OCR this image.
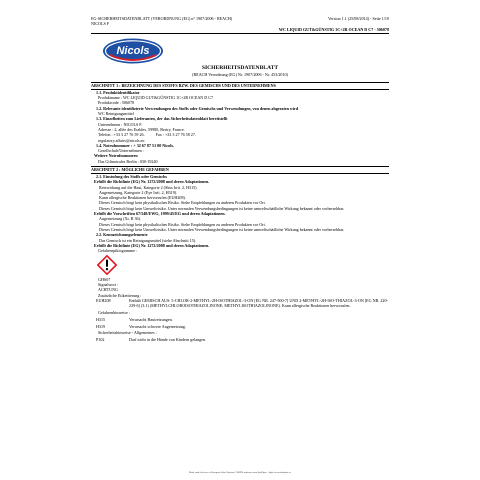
EG-SICHERHEITSDATENBLATT (VERORDNUNG (EG) n° 1907/2006 - REACH)	Version 1.1 (25/08/2014) - Seite 1/10
NICOLS F
WC LIQUID GUT&GÜNSTIG 1C+2R OCEAN D C7 - 506078
Nicols
SICHERHEITSDATENBLATT
(REACH Verordnung (EG) Nr. 1907/2006 - Nr. 453/2010)
ABSCHNITT 1 : BEZEICHNUNG DES STOFFS BZW. DES GEMISCHS UND DES UNTERNEHMENS
1.1. Produktidentifikator
Produktname : WC LIQUID GUT&GÜNSTIG 1C+2R OCEAN D C7
Produktcode : 506078
1.2. Relevante identifizierte Verwendungen des Stoffs oder Gemischs und Verwendungen, von denen abgeraten wird
WC Reinigungsmittel
1.3. Einzelheiten zum Lieferanten, der das Sicherheitsdatenblatt bereitstellt
Unternehmen : NICOLS F.
Adresse : 2, allée des Erables, 59980, Bertry, France.
Telefon : +33 3 27 76 59 26.	Fax : +33 3 27 76 58 27.
regulatory.affairs@nicols.eu
1.4. Notrufnummer : + 32 67 87 51 00 Nicols.
Gesellschaft/Unternehmen :
Weitere Notrufnummern
Das Giftnotrufes Berlin : 030-19240
ABSCHNITT 2 : MÖGLICHE GEFAHREN
2.1. Einstufung des Stoffs oder Gemischs
Erfüllt die Richtlinie (EG) Nr. 1272/2008 und deren Adaptationen.
Reizwirkung auf die Haut, Kategorie 2 (Skin Irrit. 2, H315).
Augenreizung, Kategorie 2 (Eye Irrit. 2, H319).
Kann allergische Reaktionen hervorrufen (EUH208).
Dieses Gemisch birgt kein physikalisches Risiko. Siehe Empfehlungen zu anderen Produkten vor Ort.
Dieses Gemisch birgt kein Umweltrisiko. Unter normalen Verwendungsbedingungen ist keine umweltschädliche Wirkung bekannt oder vorhersehbar.
Erfüllt die Vorschriften 67/548/EWG, 1999/45/EG und deren Adaptationen.
Augenreizung (Xi, R 36).
Dieses Gemisch birgt kein physikalisches Risiko. Siehe Empfehlungen zu anderen Produkten vor Ort.
Dieses Gemisch birgt kein Umweltrisiko. Unter normalen Verwendungsbedingungen ist keine umweltschädliche Wirkung bekannt oder vorhersehbar.
2.2. Kennzeichnungselemente
Das Gemisch ist ein Reinigungsmittel (siehe Abschnitt 15).
Erfüllt die Richtlinie (EG) Nr. 1272/2008 und deren Adaptationen.
Gefahrenpiktogramme :
GHS07
Signalwort :
ACHTUNG
Zusätzliche Etikettierung :
EUH208	Enthält GEMISCH AUS: 5-CHLOR-2-METHYL-2H-ISOTHIAZOL-3-ON [EG NR. 247-500-7] UND 2-METHYL-2H-ISO-THIAZOL-3-ON [EG NR. 220-239-6] (3:1) (METHYLCHLOROISOTHIAZOLINONE; METHYLISOTHIAZOLINONE). Kann allergische Reaktionen hervorrufen.
Gefahrenhinweise :
H315	Verursacht Hautreizungen.
H319	Verursacht schwere Augenreizung.
Sicherheitshinweise - Allgemeines :
P102	Darf nicht in die Hände von Kindern gelangen.
Made under licence of European Label System® MSDS software from InfoDyne - http://www.infodyne.fr
